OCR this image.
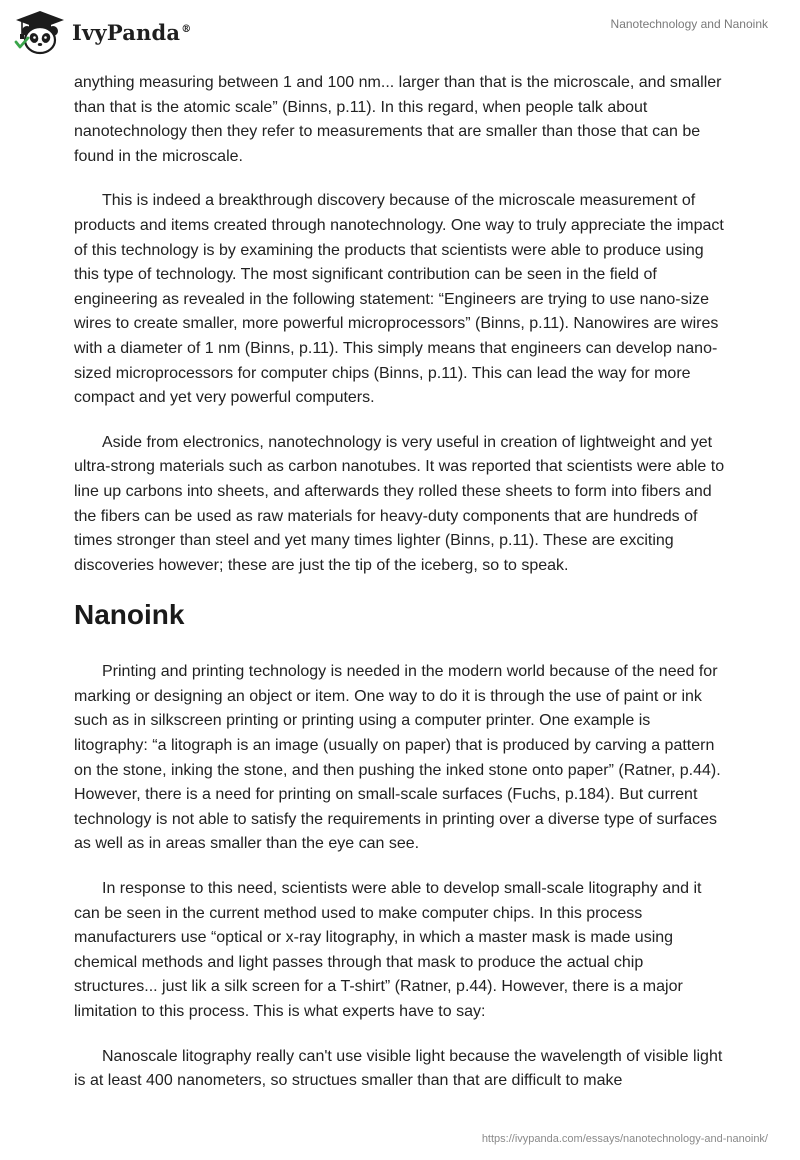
IvyPanda®	Nanotechnology and Nanoink

anything measuring between 1 and 100 nm... larger than that is the microscale, and smaller than that is the atomic scale” (Binns, p.11). In this regard, when people talk about nanotechnology then they refer to measurements that are smaller than those that can be found in the microscale.

This is indeed a breakthrough discovery because of the microscale measurement of products and items created through nanotechnology. One way to truly appreciate the impact of this technology is by examining the products that scientists were able to produce using this type of technology. The most significant contribution can be seen in the field of engineering as revealed in the following statement: “Engineers are trying to use nano-size wires to create smaller, more powerful microprocessors” (Binns, p.11). Nanowires are wires with a diameter of 1 nm (Binns, p.11). This simply means that engineers can develop nano-sized microprocessors for computer chips (Binns, p.11). This can lead the way for more compact and yet very powerful computers.

Aside from electronics, nanotechnology is very useful in creation of lightweight and yet ultra-strong materials such as carbon nanotubes. It was reported that scientists were able to line up carbons into sheets, and afterwards they rolled these sheets to form into fibers and the fibers can be used as raw materials for heavy-duty components that are hundreds of times stronger than steel and yet many times lighter (Binns, p.11). These are exciting discoveries however; these are just the tip of the iceberg, so to speak.

Nanoink

Printing and printing technology is needed in the modern world because of the need for marking or designing an object or item. One way to do it is through the use of paint or ink such as in silkscreen printing or printing using a computer printer. One example is litography: “a litograph is an image (usually on paper) that is produced by carving a pattern on the stone, inking the stone, and then pushing the inked stone onto paper” (Ratner, p.44). However, there is a need for printing on small-scale surfaces (Fuchs, p.184). But current technology is not able to satisfy the requirements in printing over a diverse type of surfaces as well as in areas smaller than the eye can see.

In response to this need, scientists were able to develop small-scale litography and it can be seen in the current method used to make computer chips. In this process manufacturers use “optical or x-ray litography, in which a master mask is made using chemical methods and light passes through that mask to produce the actual chip structures... just lik a silk screen for a T-shirt” (Ratner, p.44). However, there is a major limitation to this process. This is what experts have to say:

Nanoscale litography really can't use visible light because the wavelength of visible light is at least 400 nanometers, so structues smaller than that are difficult to make

https://ivypanda.com/essays/nanotechnology-and-nanoink/
